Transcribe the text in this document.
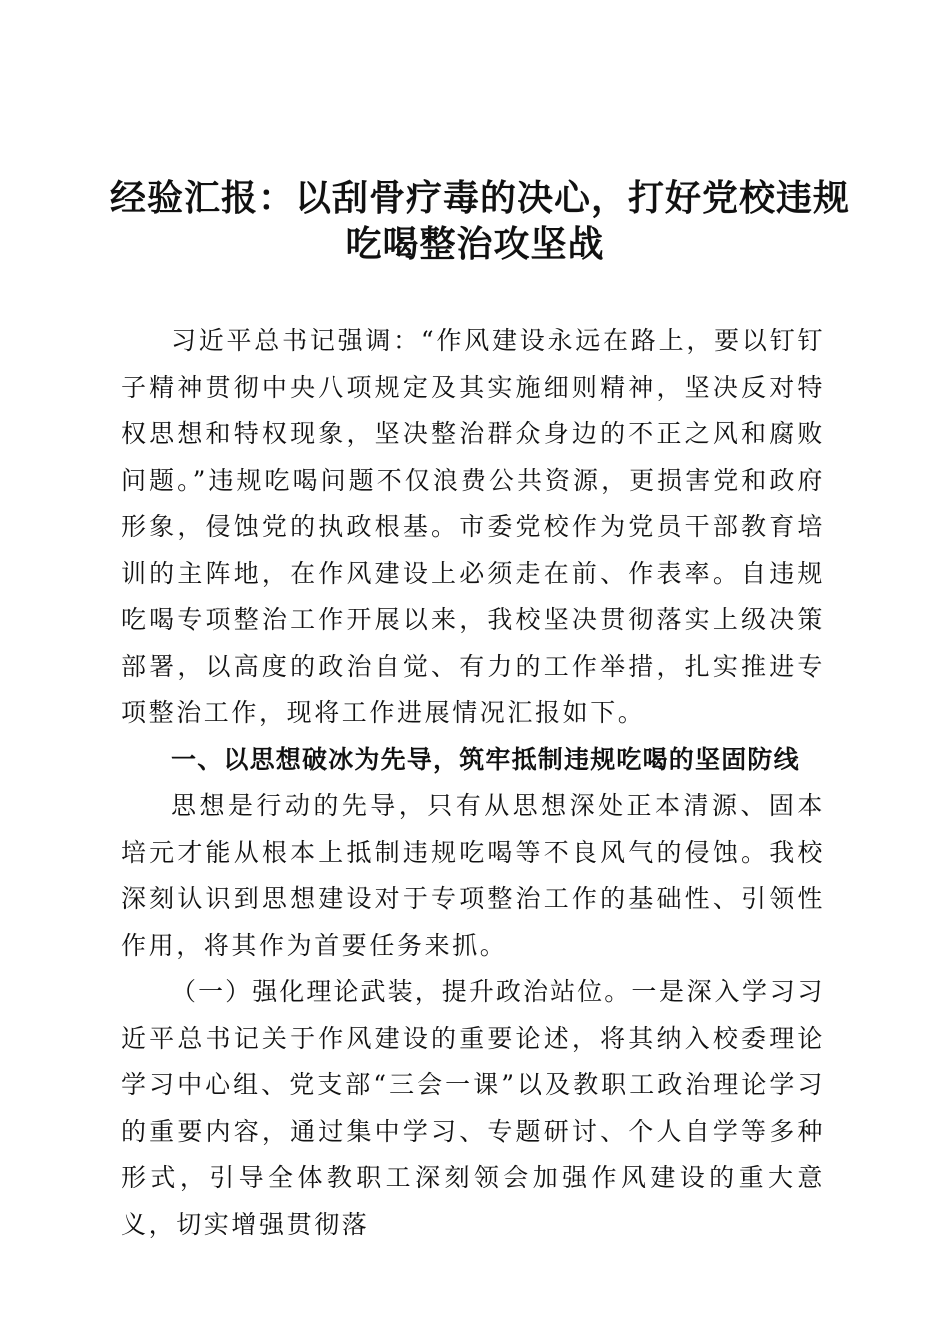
经验汇报：以刮骨疗毒的决心，打好党校违规
吃喝整治攻坚战

习近平总书记强调：“作风建设永远在路上，要以钉钉子精神贯彻中央八项规定及其实施细则精神，坚决反对特权思想和特权现象，坚决整治群众身边的不正之风和腐败问题。”违规吃喝问题不仅浪费公共资源，更损害党和政府形象，侵蚀党的执政根基。市委党校作为党员干部教育培训的主阵地，在作风建设上必须走在前、作表率。自违规吃喝专项整治工作开展以来，我校坚决贯彻落实上级决策部署，以高度的政治自觉、有力的工作举措，扎实推进专项整治工作，现将工作进展情况汇报如下。

一、以思想破冰为先导，筑牢抵制违规吃喝的坚固防线

思想是行动的先导，只有从思想深处正本清源、固本培元才能从根本上抵制违规吃喝等不良风气的侵蚀。我校深刻认识到思想建设对于专项整治工作的基础性、引领性作用，将其作为首要任务来抓。

（一）强化理论武装，提升政治站位。一是深入学习习近平总书记关于作风建设的重要论述，将其纳入校委理论学习中心组、党支部“三会一课”以及教职工政治理论学习的重要内容，通过集中学习、专题研讨、个人自学等多种形式，引导全体教职工深刻领会加强作风建设的重大意义，切实增强贯彻落
